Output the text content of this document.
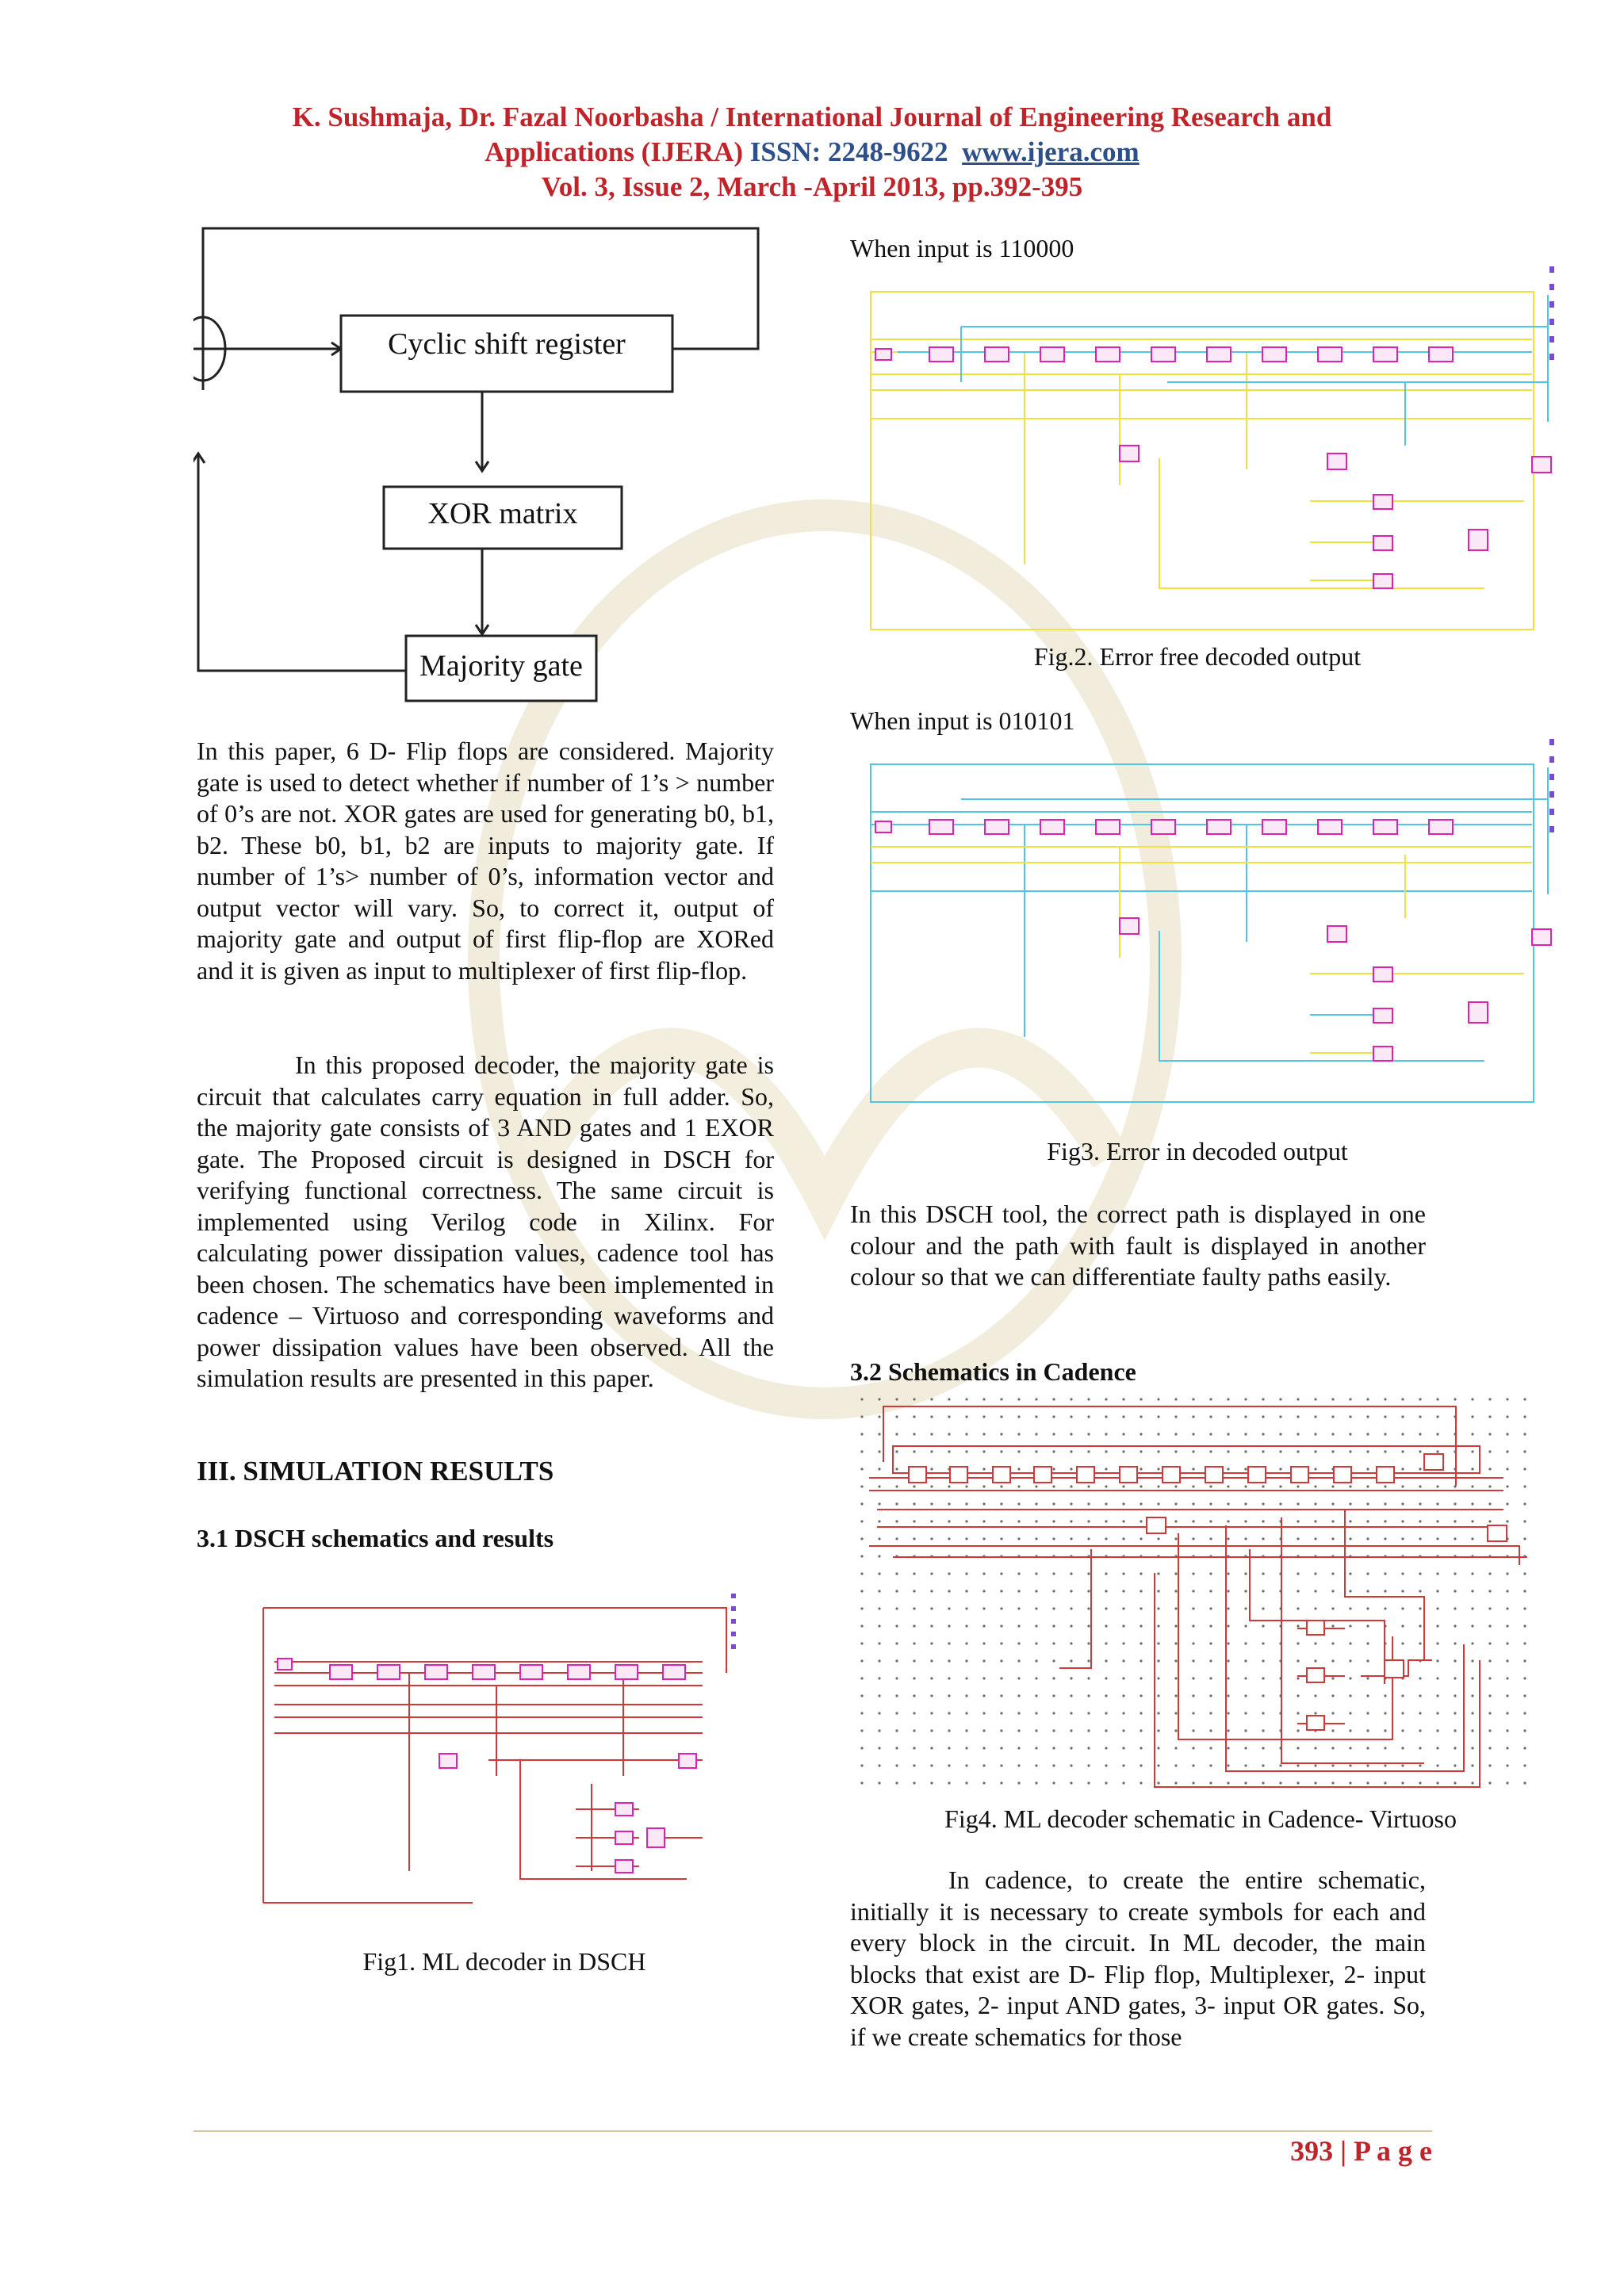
K. Sushmaja, Dr. Fazal Noorbasha / International Journal of Engineering Research and
Applications (IJERA) ISSN: 2248-9622 www.ijera.com
Vol. 3, Issue 2, March -April 2013, pp.392-395
Cyclic shift register
XOR matrix
Majority gate

In this paper, 6 D- Flip flops are considered. Majority gate is used to detect whether if number of 1’s > number of 0’s are not. XOR gates are used for generating b0, b1, b2. These b0, b1, b2 are inputs to majority gate. If number of 1’s> number of 0’s, information vector and output vector will vary. So, to correct it, output of majority gate and output of first flip-flop are XORed and it is given as input to multiplexer of first flip-flop.

In this proposed decoder, the majority gate is circuit that calculates carry equation in full adder. So, the majority gate consists of 3 AND gates and 1 EXOR gate. The Proposed circuit is designed in DSCH for verifying functional correctness. The same circuit is implemented using Verilog code in Xilinx. For calculating power dissipation values, cadence tool has been chosen. The schematics have been implemented in cadence – Virtuoso and corresponding waveforms and power dissipation values have been observed. All the simulation results are presented in this paper.

III. SIMULATION RESULTS
3.1 DSCH schematics and results
Fig1. ML decoder in DSCH

When input is 110000

Fig.2. Error free decoded output

When input is 010101

Fig3. Error in decoded output

In this DSCH tool, the correct path is displayed in one colour and the path with fault is displayed in another colour so that we can differentiate faulty paths easily.

3.2 Schematics in Cadence
Fig4. ML decoder schematic in Cadence- Virtuoso

In cadence, to create the entire schematic, initially it is necessary to create symbols for each and every block in the circuit. In ML decoder, the main blocks that exist are D- Flip flop, Multiplexer, 2- input XOR gates, 2- input AND gates, 3- input OR gates. So, if we create schematics for those

393 | P a g e
